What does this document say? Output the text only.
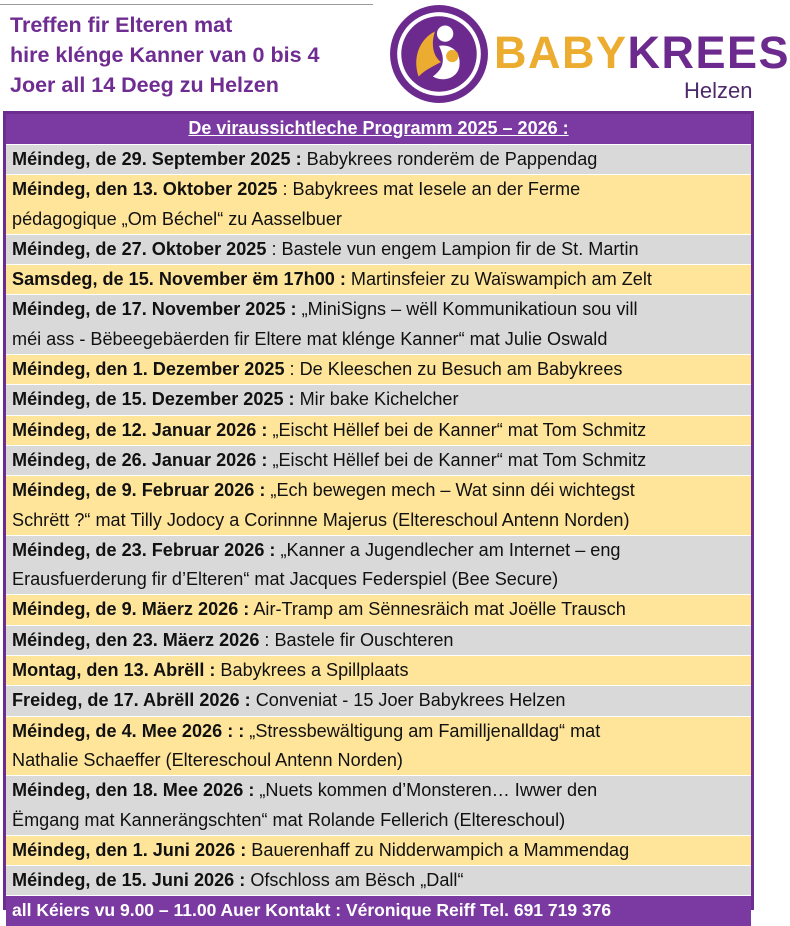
Treffen fir Elteren mat
hire klénge Kanner van 0 bis 4
Joer all 14 Deeg zu Helzen
BABYKREES
Helzen
De viraussichtleche Programm 2025 – 2026 :
Méindeg, de 29. September 2025 : Babykrees ronderëm de Pappendag
Méindeg, den 13. Oktober 2025 : Babykrees mat Iesele an der Ferme
pédagogique „Om Béchel“ zu Aasselbuer
Méindeg, de 27. Oktober 2025 : Bastele vun engem Lampion fir de St. Martin
Samsdeg, de 15. November ëm 17h00 : Martinsfeier zu Waïswampich am Zelt
Méindeg, de 17. November 2025 : „MiniSigns – wëll Kommunikatioun sou vill
méi ass - Bëbeegebäerden fir Eltere mat klénge Kanner“ mat Julie Oswald
Méindeg, den 1. Dezember 2025 : De Kleeschen zu Besuch am Babykrees
Méindeg, de 15. Dezember 2025 : Mir bake Kichelcher
Méindeg, de 12. Januar 2026 : „Eischt Hëllef bei de Kanner“ mat Tom Schmitz
Méindeg, de 26. Januar 2026 : „Eischt Hëllef bei de Kanner“ mat Tom Schmitz
Méindeg, de 9. Februar 2026 : „Ech bewegen mech – Wat sinn déi wichtegst
Schrëtt ?“ mat Tilly Jodocy a Corinnne Majerus (Eltereschoul Antenn Norden)
Méindeg, de 23. Februar 2026 : „Kanner a Jugendlecher am Internet – eng
Erausfuerderung fir d’Elteren“ mat Jacques Federspiel (Bee Secure)
Méindeg, de 9. Mäerz 2026 : Air-Tramp am Sënnesräich mat Joëlle Trausch
Méindeg, den 23. Mäerz 2026 : Bastele fir Ouschteren
Montag, den 13. Abrëll : Babykrees a Spillplaats
Freideg, de 17. Abrëll 2026 : Conveniat - 15 Joer Babykrees Helzen
Méindeg, de 4. Mee 2026 : : „Stressbewältigung am Familljenalldag“ mat
Nathalie Schaeffer (Eltereschoul Antenn Norden)
Méindeg, den 18. Mee 2026 : „Nuets kommen d’Monsteren… Iwwer den
Ëmgang mat Kannerängschten“ mat Rolande Fellerich (Eltereschoul)
Méindeg, den 1. Juni 2026 : Bauerenhaff zu Nidderwampich a Mammendag
Méindeg, de 15. Juni 2026 : Ofschloss am Bësch „Dall“
all Kéiers vu 9.00 – 11.00 Auer Kontakt : Véronique Reiff Tel. 691 719 376
